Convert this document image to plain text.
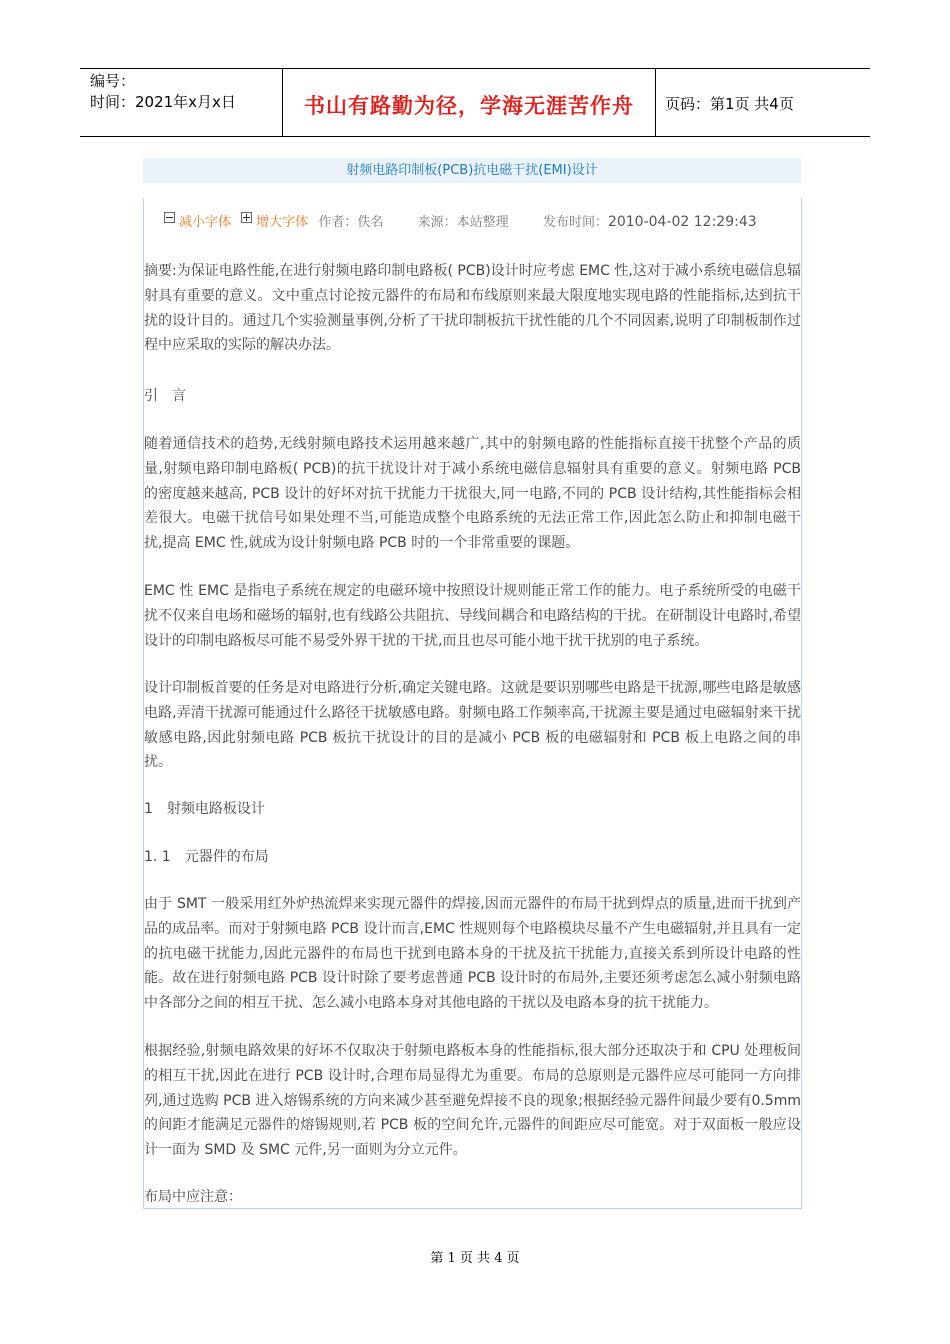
编号：
时间：2021年x月x日	书山有路勤为径，学海无涯苦作舟	页码：第1页 共4页
射频电路印制板(PCB)抗电磁干扰(EMI)设计
减小字体 增大字体 作者：佚名	来源：本站整理	发布时间：2010-04-02 12:29:43

摘要:为保证电路性能,在进行射频电路印制电路板( PCB)设计时应考虑 EMC 性,这对于减小系统电磁信息辐射具有重要的意义。文中重点讨论按元器件的布局和布线原则来最大限度地实现电路的性能指标,达到抗干扰的设计目的。通过几个实验测量事例,分析了干扰印制板抗干扰性能的几个不同因素,说明了印制板制作过程中应采取的实际的解决办法。

引　言

随着通信技术的趋势,无线射频电路技术运用越来越广,其中的射频电路的性能指标直接干扰整个产品的质量,射频电路印制电路板( PCB)的抗干扰设计对于减小系统电磁信息辐射具有重要的意义。射频电路 PCB 的密度越来越高, PCB 设计的好坏对抗干扰能力干扰很大,同一电路,不同的 PCB 设计结构,其性能指标会相差很大。电磁干扰信号如果处理不当,可能造成整个电路系统的无法正常工作,因此怎么防止和抑制电磁干扰,提高 EMC 性,就成为设计射频电路 PCB 时的一个非常重要的课题。

EMC 性 EMC 是指电子系统在规定的电磁环境中按照设计规则能正常工作的能力。电子系统所受的电磁干扰不仅来自电场和磁场的辐射,也有线路公共阻抗、导线间耦合和电路结构的干扰。在研制设计电路时,希望设计的印制电路板尽可能不易受外界干扰的干扰,而且也尽可能小地干扰干扰别的电子系统。

设计印制板首要的任务是对电路进行分析,确定关键电路。这就是要识别哪些电路是干扰源,哪些电路是敏感电路,弄清干扰源可能通过什么路径干扰敏感电路。射频电路工作频率高,干扰源主要是通过电磁辐射来干扰敏感电路,因此射频电路 PCB 板抗干扰设计的目的是减小 PCB 板的电磁辐射和 PCB 板上电路之间的串扰。

1　射频电路板设计

1. 1　元器件的布局

由于 SMT 一般采用红外炉热流焊来实现元器件的焊接,因而元器件的布局干扰到焊点的质量,进而干扰到产品的成品率。而对于射频电路 PCB 设计而言,EMC 性规则每个电路模块尽量不产生电磁辐射,并且具有一定的抗电磁干扰能力,因此元器件的布局也干扰到电路本身的干扰及抗干扰能力,直接关系到所设计电路的性能。故在进行射频电路 PCB 设计时除了要考虑普通 PCB 设计时的布局外,主要还须考虑怎么减小射频电路中各部分之间的相互干扰、怎么减小电路本身对其他电路的干扰以及电路本身的抗干扰能力。

根据经验,射频电路效果的好坏不仅取决于射频电路板本身的性能指标,很大部分还取决于和 CPU 处理板间的相互干扰,因此在进行 PCB 设计时,合理布局显得尤为重要。布局的总原则是元器件应尽可能同一方向排列,通过选购 PCB 进入熔锡系统的方向来减少甚至避免焊接不良的现象;根据经验元器件间最少要有0.5mm 的间距才能满足元器件的熔锡规则,若 PCB 板的空间允许,元器件的间距应尽可能宽。对于双面板一般应设计一面为 SMD 及 SMC 元件,另一面则为分立元件。

布局中应注意：

第 1 页 共 4 页
